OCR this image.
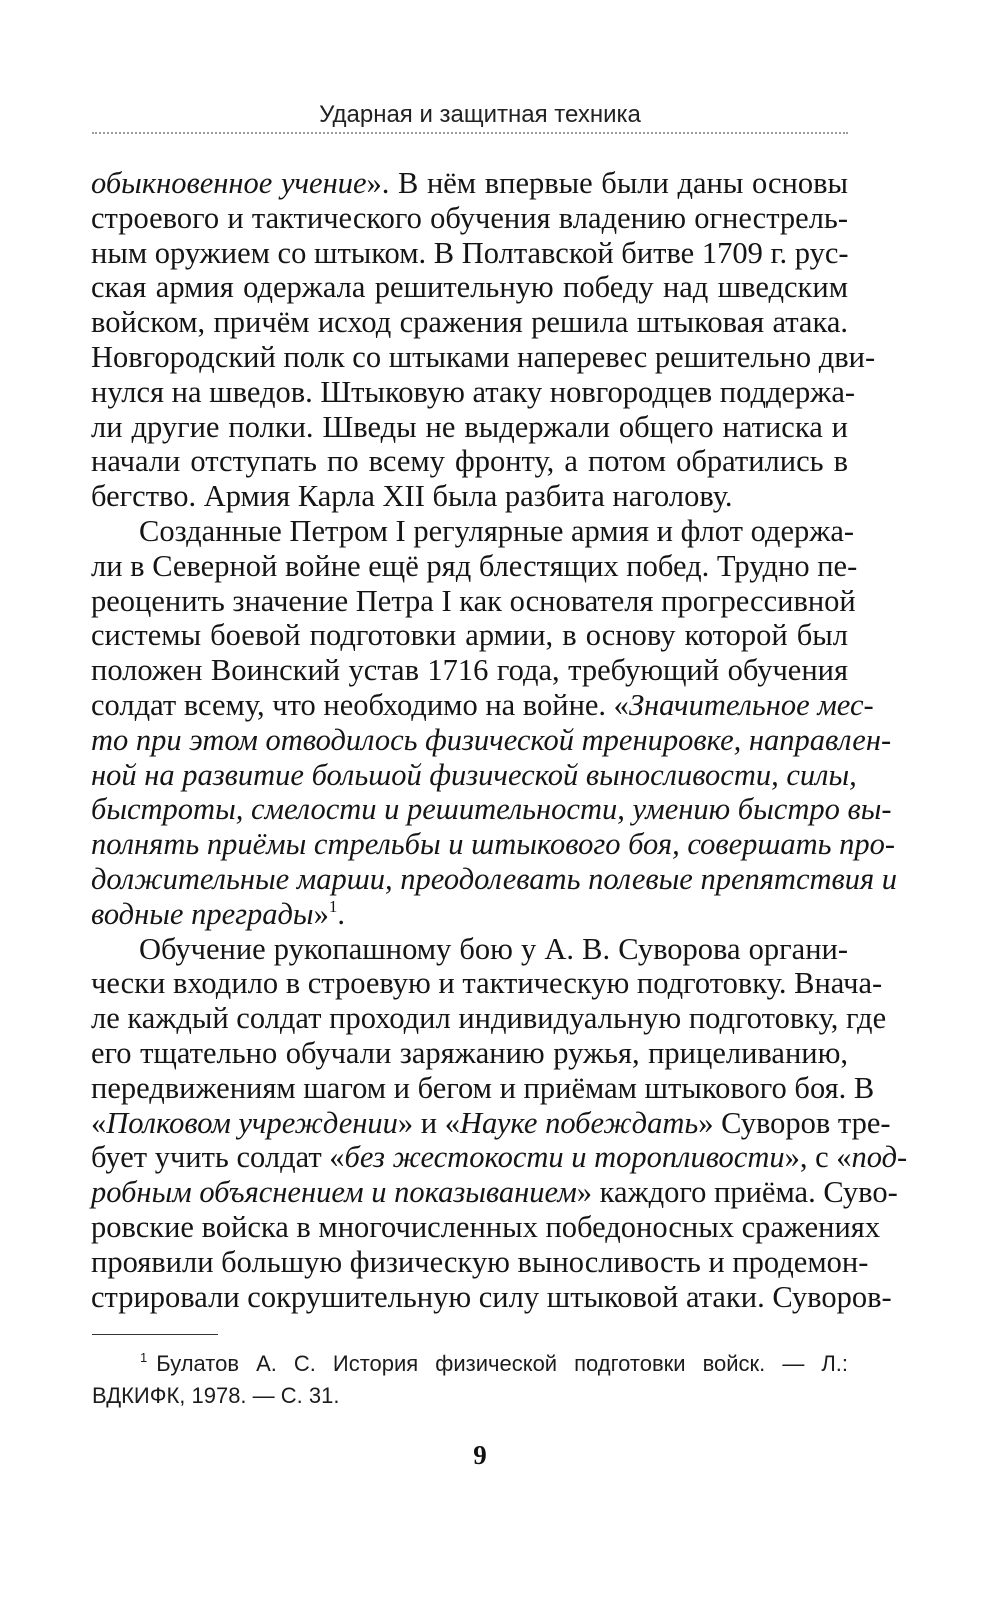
Ударная и защитная техника
обыкновенное учение». В нём впервые были даны основы
строевого и тактического обучения владению огнестрель-
ным оружием со штыком. В Полтавской битве 1709 г. рус-
ская армия одержала решительную победу над шведским
войском, причём исход сражения решила штыковая атака.
Новгородский полк со штыками наперевес решительно дви-
нулся на шведов. Штыковую атаку новгородцев поддержа-
ли другие полки. Шведы не выдержали общего натиска и
начали отступать по всему фронту, а потом обратились в
бегство. Армия Карла XII была разбита наголову.
Созданные Петром I регулярные армия и флот одержа-
ли в Северной войне ещё ряд блестящих побед. Трудно пе-
реоценить значение Петра I как основателя прогрессивной
системы боевой подготовки армии, в основу которой был
положен Воинский устав 1716 года, требующий обучения
солдат всему, что необходимо на войне. «Значительное мес-
то при этом отводилось физической тренировке, направлен-
ной на развитие большой физической выносливости, силы,
быстроты, смелости и решительности, умению быстро вы-
полнять приёмы стрельбы и штыкового боя, совершать про-
должительные марши, преодолевать полевые препятствия и
водные преграды»$^1$.
Обучение рукопашному бою у А. В. Суворова органи-
чески входило в строевую и тактическую подготовку. Внача-
ле каждый солдат проходил индивидуальную подготовку, где
его тщательно обучали заряжанию ружья, прицеливанию,
передвижениям шагом и бегом и приёмам штыкового боя. В
«Полковом учреждении» и «Науке побеждать» Суворов тре-
бует учить солдат «без жестокости и торопливости», с «под-
робным объяснением и показыванием» каждого приёма. Суво-
ровские войска в многочисленных победоносных сражениях
проявили большую физическую выносливость и продемон-
стрировали сокрушительную силу штыковой атаки. Суворов-
$^1$ Булатов А. С. История физической подготовки войск. — Л.:
ВДКИФК, 1978. — С. 31.
9
